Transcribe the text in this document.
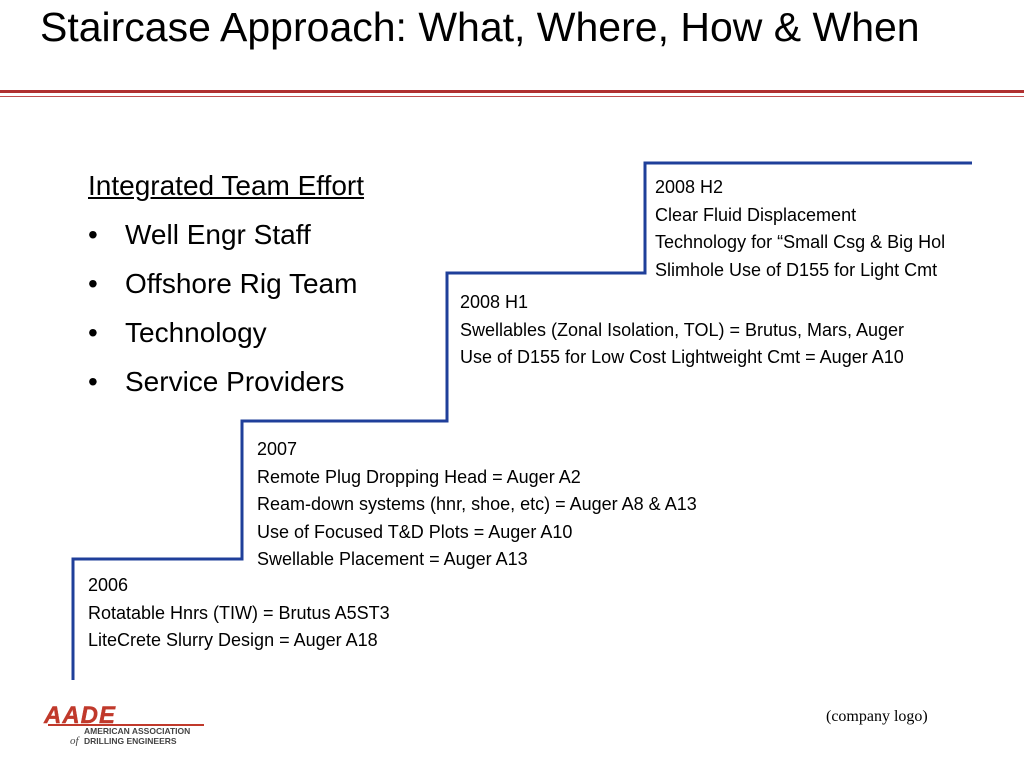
Staircase Approach: What, Where, How & When
Integrated Team Effort
• Well Engr Staff
• Offshore Rig Team
• Technology
• Service Providers
2008 H2
Clear Fluid Displacement
Technology for “Small Csg & Big Hol
Slimhole Use of D155 for Light Cmt
2008 H1
Swellables (Zonal Isolation, TOL) = Brutus, Mars, Auger
Use of D155 for Low Cost Lightweight Cmt = Auger A10
2007
Remote Plug Dropping Head = Auger A2
Ream-down systems (hnr, shoe, etc) = Auger A8 & A13
Use of Focused T&D Plots = Auger A10
Swellable Placement = Auger A13
2006
Rotatable Hnrs (TIW) = Brutus A5ST3
LiteCrete Slurry Design = Auger A18
AADE
AMERICAN ASSOCIATION
of DRILLING ENGINEERS
(company logo)
